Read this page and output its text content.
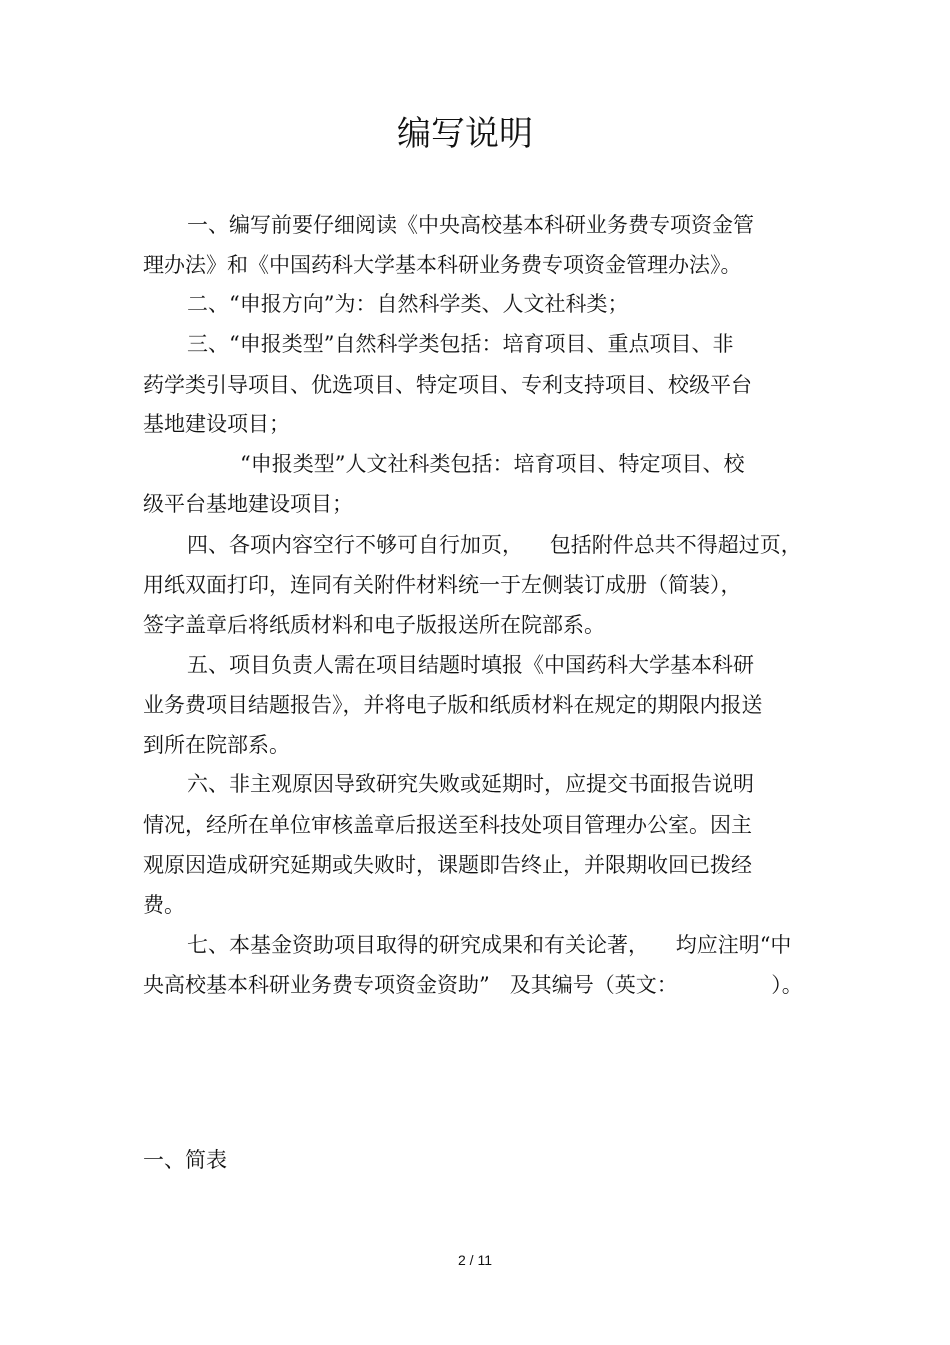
编写说明
一、编写前要仔细阅读《中央高校基本科研业务费专项资金管
理办法》和《中国药科大学基本科研业务费专项资金管理办法》。
二、“申报方向”为：自然科学类、人文社科类；
三、“申报类型”自然科学类包括：培育项目、重点项目、非
药学类引导项目、优选项目、特定项目、专利支持项目、校级平台
基地建设项目；
“申报类型”人文社科类包括：培育项目、特定项目、校
级平台基地建设项目；
四、各项内容空行不够可自行加页，    包括附件总共不得超过页，
用纸双面打印，连同有关附件材料统一于左侧装订成册（简装），
签字盖章后将纸质材料和电子版报送所在院部系。
五、项目负责人需在项目结题时填报《中国药科大学基本科研
业务费项目结题报告》，并将电子版和纸质材料在规定的期限内报送
到所在院部系。
六、非主观原因导致研究失败或延期时，应提交书面报告说明
情况，经所在单位审核盖章后报送至科技处项目管理办公室。因主
观原因造成研究延期或失败时，课题即告终止，并限期收回已拨经
费。
七、本基金资助项目取得的研究成果和有关论著，    均应注明“中
央高校基本科研业务费专项资金资助”   及其编号（英文：              ）。
一、简表
2 / 11
